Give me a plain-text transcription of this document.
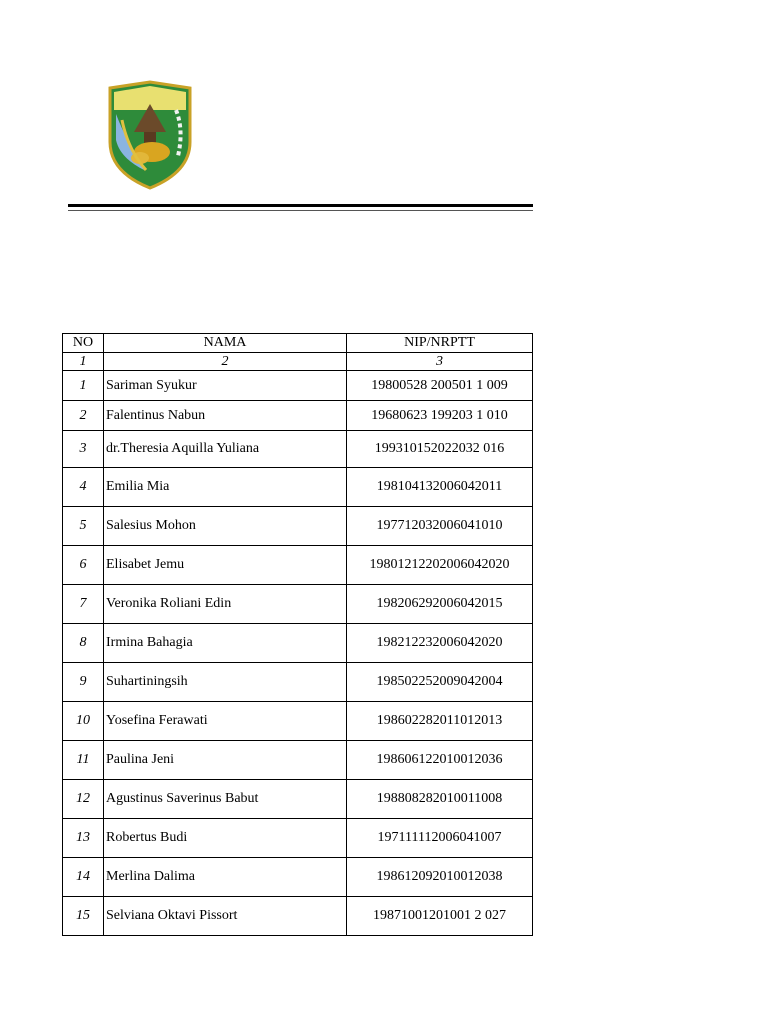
NO	NAMA	NIP/NRPTT
1	2	3
1	Sariman Syukur	19800528 200501 1 009
2	Falentinus Nabun	19680623 199203 1 010
3	dr.Theresia Aquilla Yuliana	199310152022032 016
4	Emilia Mia	198104132006042011
5	Salesius Mohon	197712032006041010
6	Elisabet Jemu	19801212202006042020
7	Veronika Roliani Edin	198206292006042015
8	Irmina Bahagia	198212232006042020
9	Suhartiningsih	198502252009042004
10	Yosefina Ferawati	198602282011012013
11	Paulina Jeni	198606122010012036
12	Agustinus Saverinus Babut	198808282010011008
13	Robertus Budi	197111112006041007
14	Merlina Dalima	198612092010012038
15	Selviana Oktavi Pissort	19871001201001 2 027
